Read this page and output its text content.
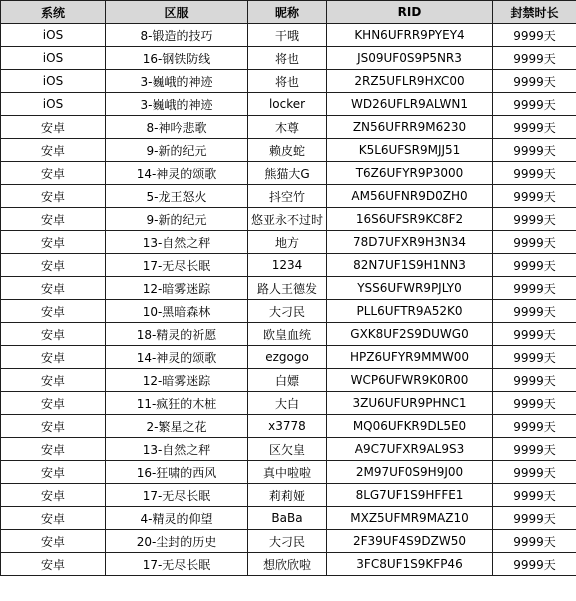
系统	区服	昵称	RID	封禁时长
iOS	8-锻造的技巧	干哦	KHN6UFRR9PYEY4	9999天
iOS	16-钢铁防线	将也	JS09UF0S9P5NR3	9999天
iOS	3-巍峨的神迹	将也	2RZ5UFLR9HXC00	9999天
iOS	3-巍峨的神迹	locker	WD26UFLR9ALWN1	9999天
安卓	8-神吟悲歌	木尊	ZN56UFRR9M6230	9999天
安卓	9-新的纪元	赖皮蛇	K5L6UFSR9MJJ51	9999天
安卓	14-神灵的颂歌	熊猫大G	T6Z6UFYR9P3000	9999天
安卓	5-龙王怒火	抖空竹	AM56UFNR9D0ZH0	9999天
安卓	9-新的纪元	悠亚永不过时	16S6UFSR9KC8F2	9999天
安卓	13-自然之秤	地方	78D7UFXR9H3N34	9999天
安卓	17-无尽长眠	1234	82N7UF1S9H1NN3	9999天
安卓	12-暗雾迷踪	路人王德发	YSS6UFWR9PJLY0	9999天
安卓	10-黑暗森林	大刁民	PLL6UFTR9A52K0	9999天
安卓	18-精灵的祈愿	欧皇血统	GXK8UF2S9DUWG0	9999天
安卓	14-神灵的颂歌	ezgogo	HPZ6UFYR9MMW00	9999天
安卓	12-暗雾迷踪	白嫖	WCP6UFWR9K0R00	9999天
安卓	11-疯狂的木桩	大白	3ZU6UFUR9PHNC1	9999天
安卓	2-繁星之花	x3778	MQ06UFKR9DL5E0	9999天
安卓	13-自然之秤	区欠皇	A9C7UFXR9AL9S3	9999天
安卓	16-狂啸的西风	真中啦啦	2M97UF0S9H9J00	9999天
安卓	17-无尽长眠	莉莉娅	8LG7UF1S9HFFE1	9999天
安卓	4-精灵的仰望	BaBa	MXZ5UFMR9MAZ10	9999天
安卓	20-尘封的历史	大刁民	2F39UF4S9DZW50	9999天
安卓	17-无尽长眠	想欣欣啦	3FC8UF1S9KFP46	9999天
